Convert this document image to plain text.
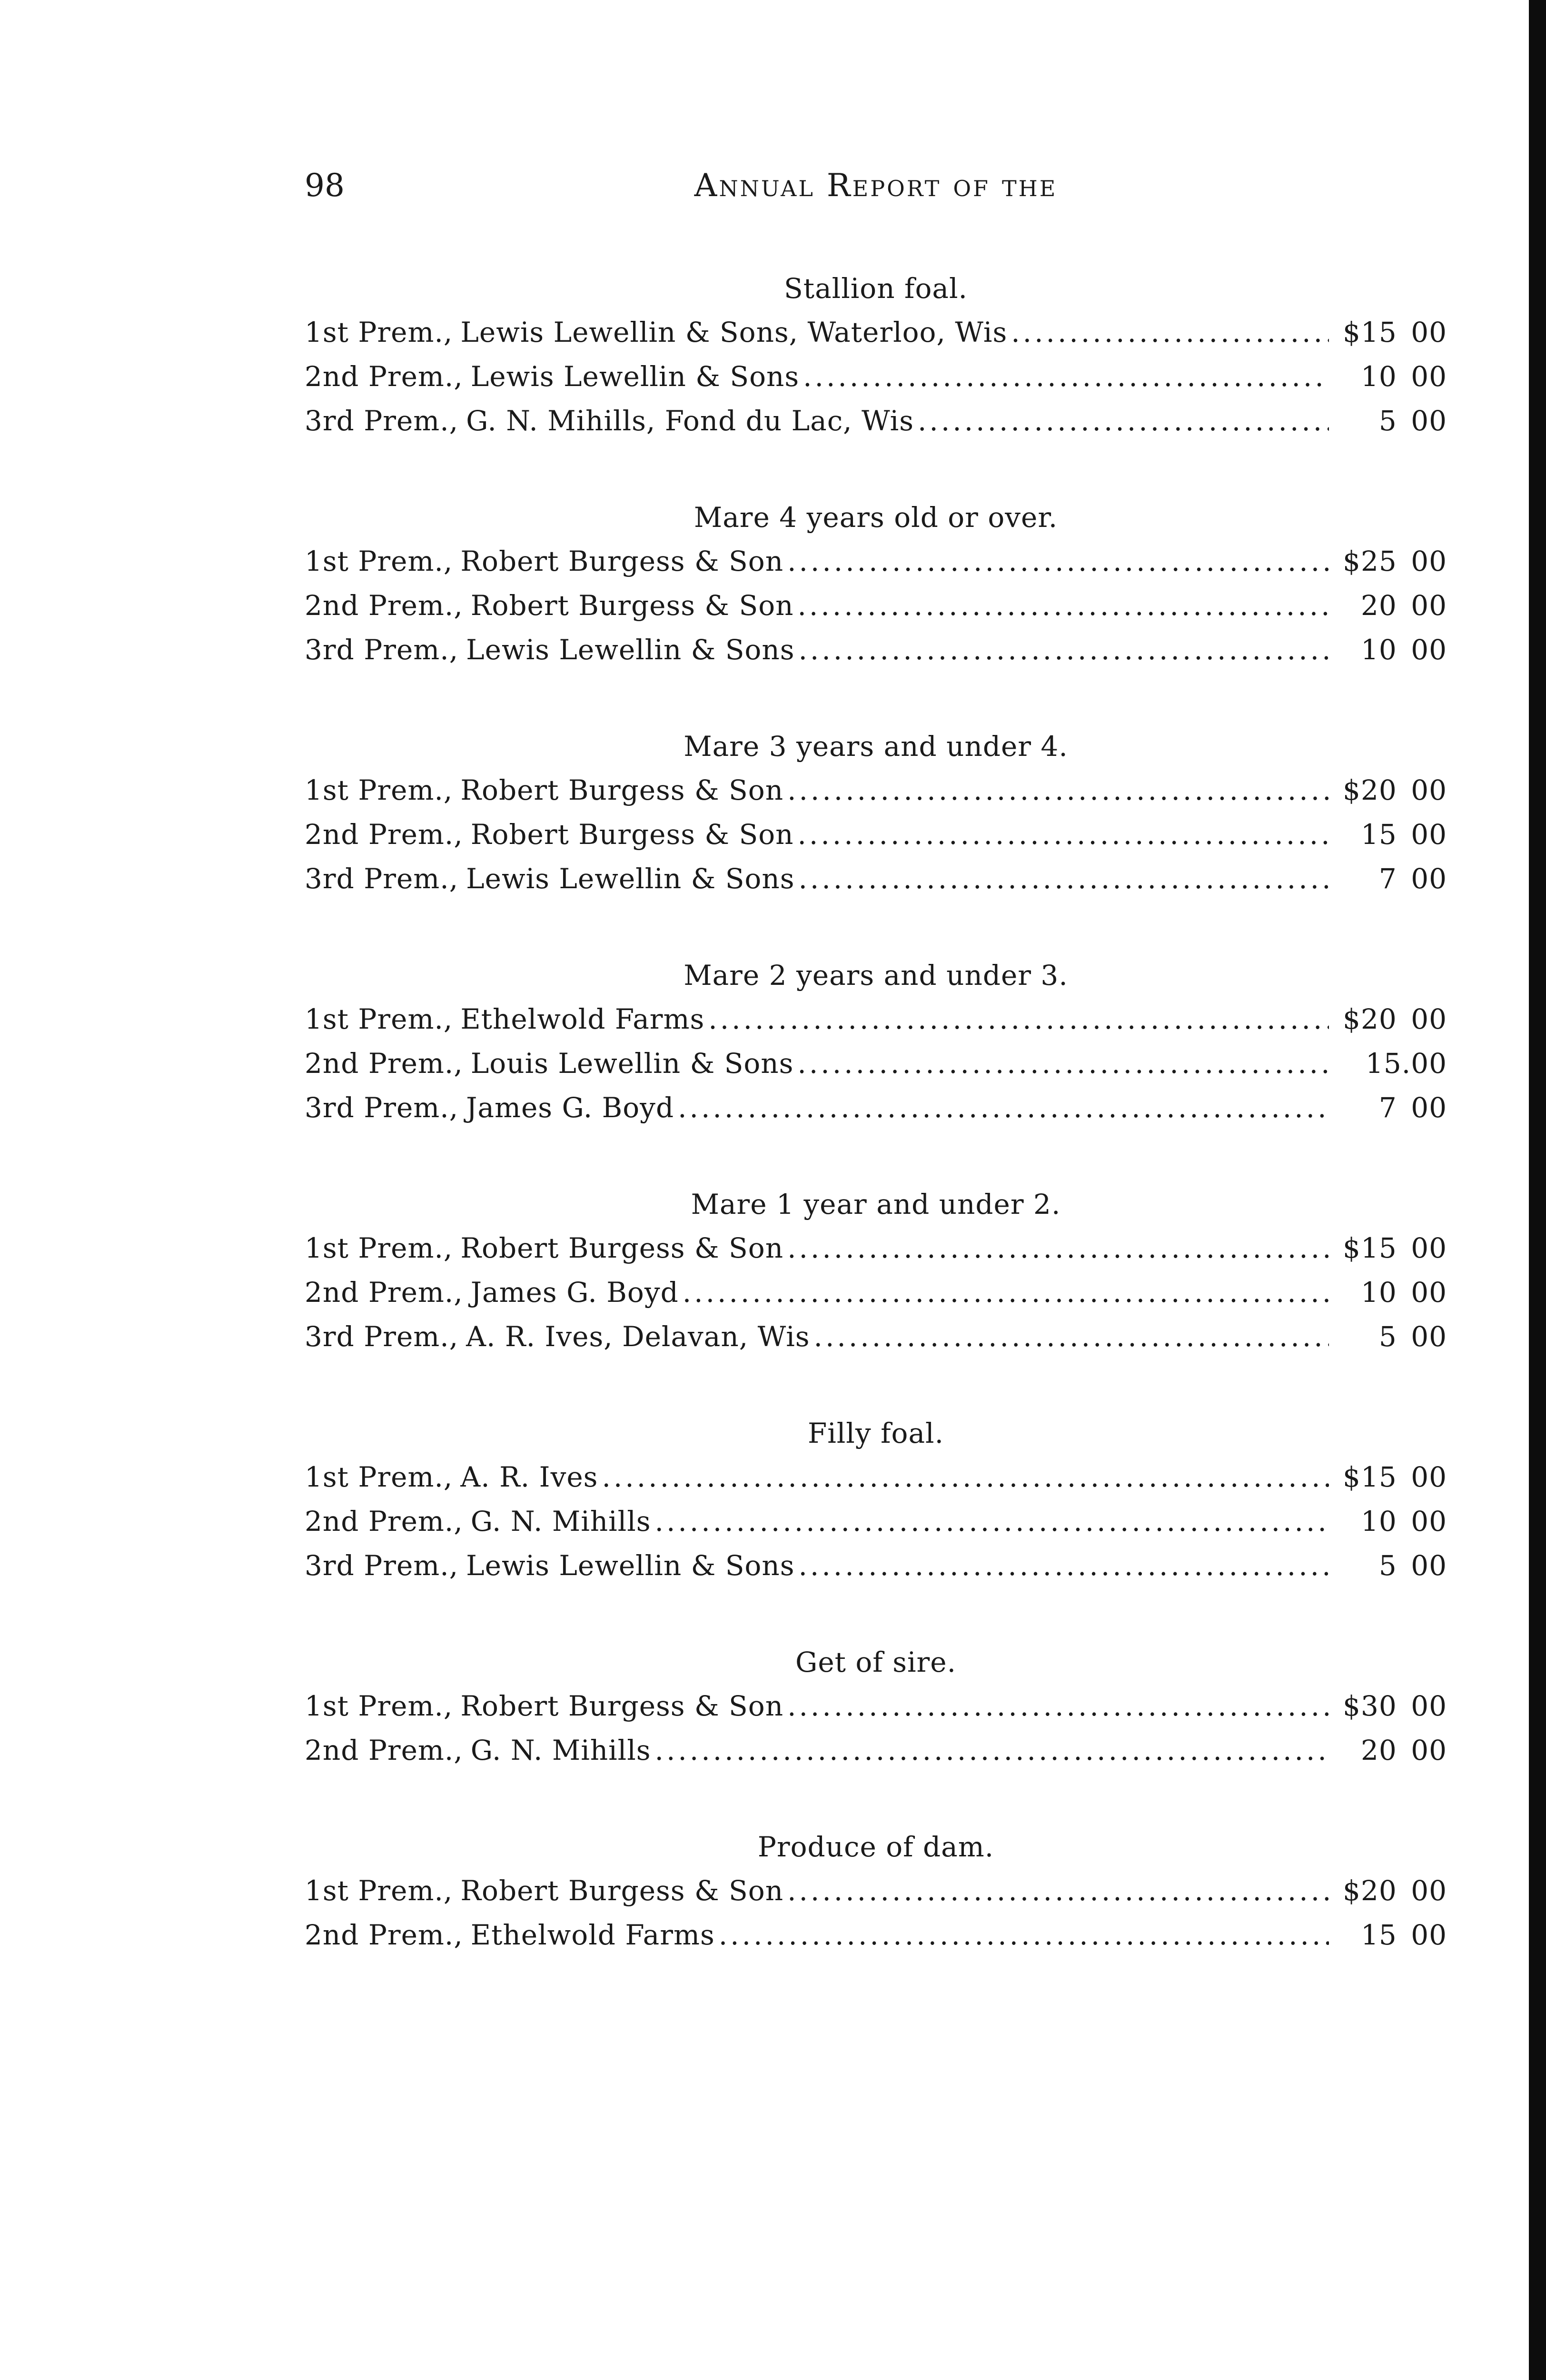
98	Annual Report of the
Stallion foal.
1st Prem., Lewis Lewellin & Sons, Waterloo, Wis .....	$15 00
2nd Prem., Lewis Lewellin & Sons .....	10 00
3rd Prem., G. N. Mihills, Fond du Lac, Wis .....	5 00
Mare 4 years old or over.
1st Prem., Robert Burgess & Son .....	$25 00
2nd Prem., Robert Burgess & Son .....	20 00
3rd Prem., Lewis Lewellin & Sons .....	10 00
Mare 3 years and under 4.
1st Prem., Robert Burgess & Son .....	$20 00
2nd Prem., Robert Burgess & Son .....	15 00
3rd Prem., Lewis Lewellin & Sons .....	7 00
Mare 2 years and under 3.
1st Prem., Ethelwold Farms .....	$20 00
2nd Prem., Louis Lewellin & Sons .....	15.00
3rd Prem., James G. Boyd .....	7 00
Mare 1 year and under 2.
1st Prem., Robert Burgess & Son .....	$15 00
2nd Prem., James G. Boyd .....	10 00
3rd Prem., A. R. Ives, Delavan, Wis .....	5 00
Filly foal.
1st Prem., A. R. Ives .....	$15 00
2nd Prem., G. N. Mihills .....	10 00
3rd Prem., Lewis Lewellin & Sons .....	5 00
Get of sire.
1st Prem., Robert Burgess & Son .....	$30 00
2nd Prem., G. N. Mihills .....	20 00
Produce of dam.
1st Prem., Robert Burgess & Son .....	$20 00
2nd Prem., Ethelwold Farms .....	15 00
